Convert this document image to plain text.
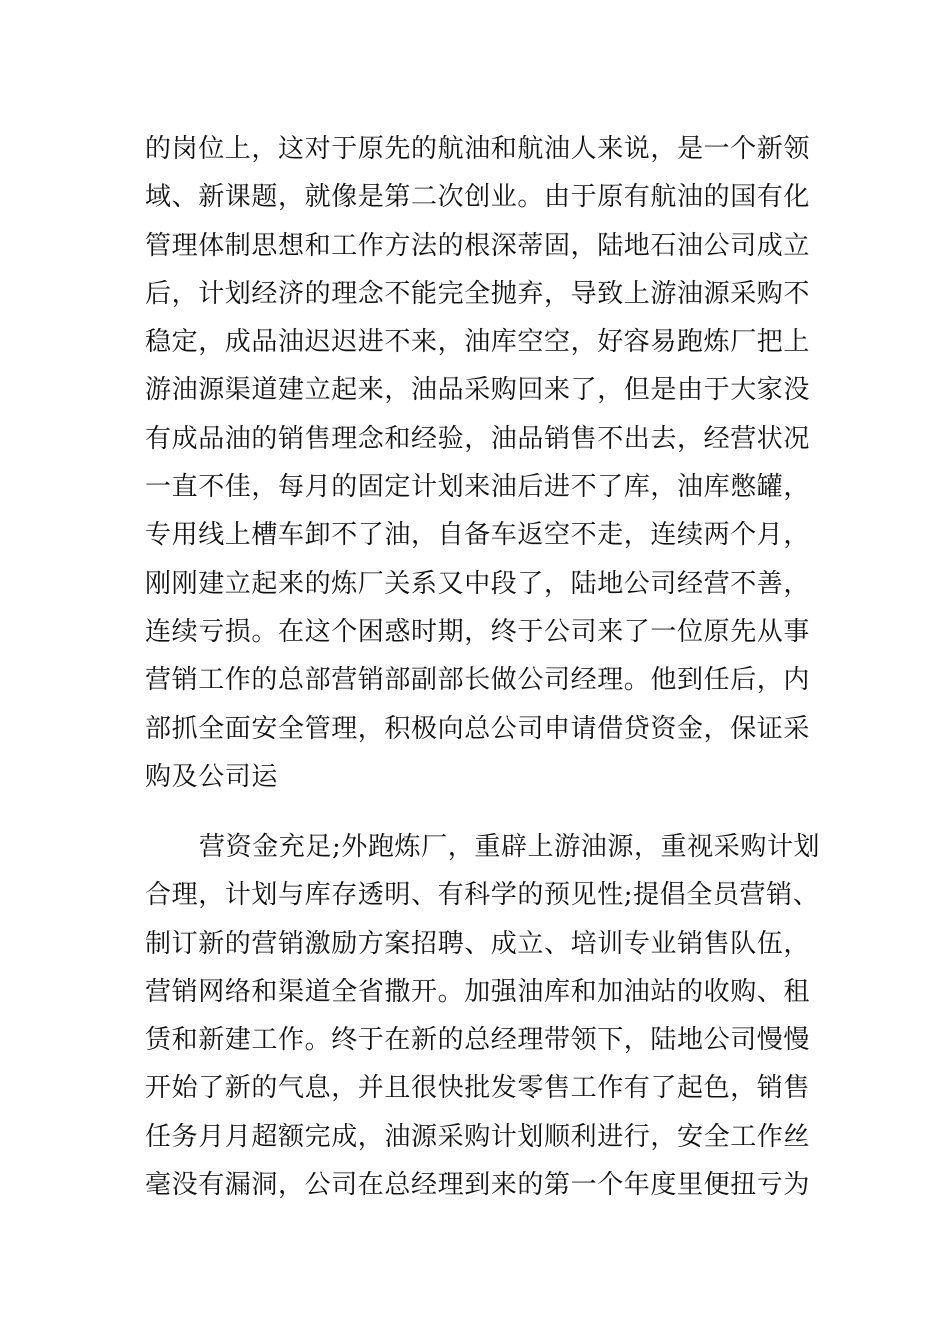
的岗位上，这对于原先的航油和航油人来说，是一个新领
域、新课题，就像是第二次创业。由于原有航油的国有化
管理体制思想和工作方法的根深蒂固，陆地石油公司成立
后，计划经济的理念不能完全抛弃，导致上游油源采购不
稳定，成品油迟迟进不来，油库空空，好容易跑炼厂把上
游油源渠道建立起来，油品采购回来了，但是由于大家没
有成品油的销售理念和经验，油品销售不出去，经营状况
一直不佳，每月的固定计划来油后进不了库，油库憋罐，
专用线上槽车卸不了油，自备车返空不走，连续两个月，
刚刚建立起来的炼厂关系又中段了，陆地公司经营不善，
连续亏损。在这个困惑时期，终于公司来了一位原先从事
营销工作的总部营销部副部长做公司经理。他到任后，内
部抓全面安全管理，积极向总公司申请借贷资金，保证采
购及公司运
营资金充足;外跑炼厂，重辟上游油源，重视采购计划
合理，计划与库存透明、有科学的预见性;提倡全员营销、
制订新的营销激励方案招聘、成立、培训专业销售队伍，
营销网络和渠道全省撒开。加强油库和加油站的收购、租
赁和新建工作。终于在新的总经理带领下，陆地公司慢慢
开始了新的气息，并且很快批发零售工作有了起色，销售
任务月月超额完成，油源采购计划顺利进行，安全工作丝
毫没有漏洞，公司在总经理到来的第一个年度里便扭亏为
